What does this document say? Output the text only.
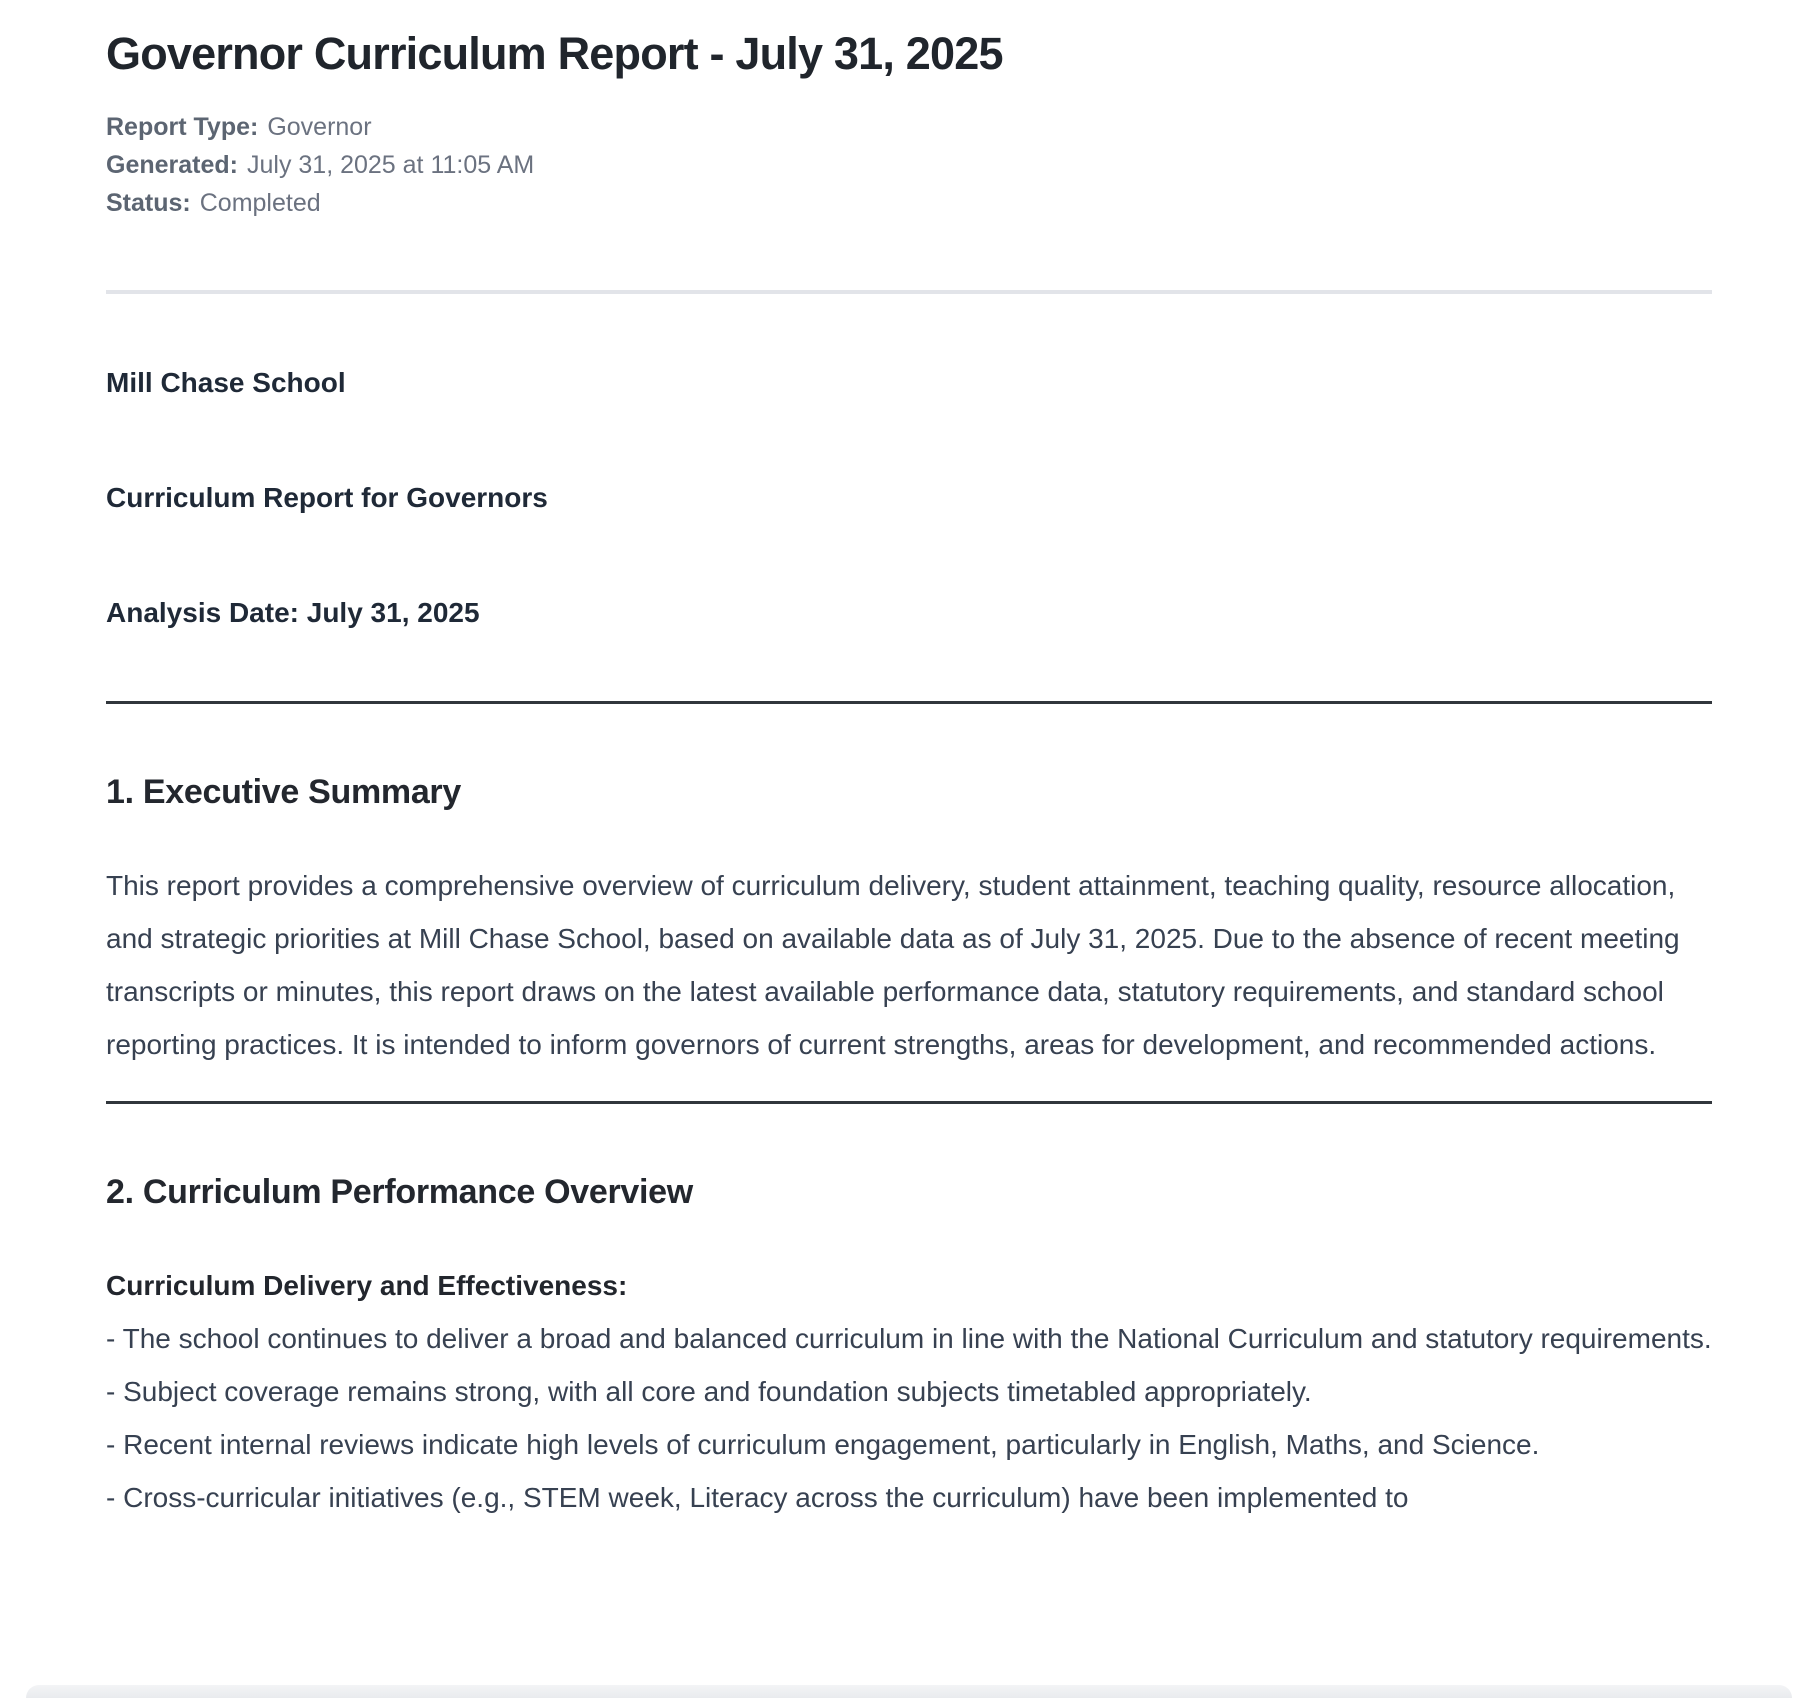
Governor Curriculum Report - July 31, 2025

Report Type: Governor

Generated: July 31, 2025 at 11:05 AM

Status: Completed

Mill Chase School

Curriculum Report for Governors

Analysis Date: July 31, 2025

1. Executive Summary

This report provides a comprehensive overview of curriculum delivery, student attainment, teaching quality, resource allocation, and strategic priorities at Mill Chase School, based on available data as of July 31, 2025. Due to the absence of recent meeting transcripts or minutes, this report draws on the latest available performance data, statutory requirements, and standard school reporting practices. It is intended to inform governors of current strengths, areas for development, and recommended actions.

2. Curriculum Performance Overview

Curriculum Delivery and Effectiveness:
- The school continues to deliver a broad and balanced curriculum in line with the National Curriculum and statutory requirements.
- Subject coverage remains strong, with all core and foundation subjects timetabled appropriately.
- Recent internal reviews indicate high levels of curriculum engagement, particularly in English, Maths, and Science.
- Cross-curricular initiatives (e.g., STEM week, Literacy across the curriculum) have been implemented to
